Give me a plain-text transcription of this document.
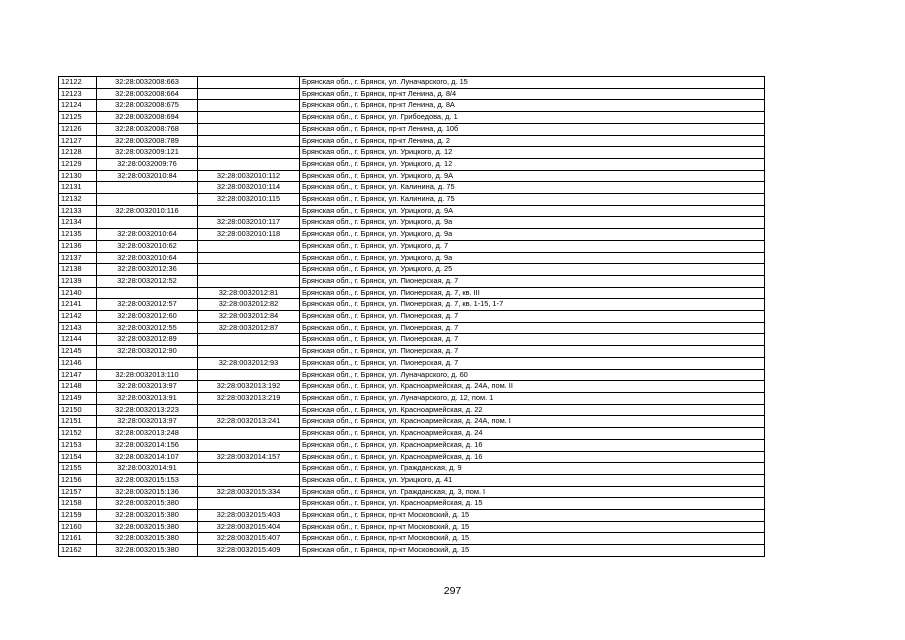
12122	32:28:0032008:663		Брянская обл., г. Брянск, ул. Луначарского, д. 15
12123	32:28:0032008:664		Брянская обл., г. Брянск, пр-кт Ленина, д. 8/4
12124	32:28:0032008:675		Брянская обл., г. Брянск, пр-кт Ленина, д. 8А
12125	32:28:0032008:694		Брянская обл., г. Брянск, ул. Грибоедова, д. 1
12126	32:28:0032008:768		Брянская обл., г. Брянск, пр-кт Ленина, д. 10б
12127	32:28:0032008:789		Брянская обл., г. Брянск, пр-кт Ленина, д. 2
12128	32:28:0032009:121		Брянская обл., г. Брянск, ул. Урицкого, д. 12
12129	32:28:0032009:76		Брянская обл., г. Брянск, ул. Урицкого, д. 12
12130	32:28:0032010:84	32:28:0032010:112	Брянская обл., г. Брянск, ул. Урицкого, д. 9А
12131		32:28:0032010:114	Брянская обл., г. Брянск, ул. Калинина, д. 75
12132		32:28:0032010:115	Брянская обл., г. Брянск, ул. Калинина, д. 75
12133	32:28:0032010:116		Брянская обл., г. Брянск, ул. Урицкого, д. 9А
12134		32:28:0032010:117	Брянская обл., г. Брянск, ул. Урицкого, д. 9а
12135	32:28:0032010:64	32:28:0032010:118	Брянская обл., г. Брянск, ул. Урицкого, д. 9а
12136	32:28:0032010:62		Брянская обл., г. Брянск, ул. Урицкого, д. 7
12137	32:28:0032010:64		Брянская обл., г. Брянск, ул. Урицкого, д. 9а
12138	32:28:0032012:36		Брянская обл., г. Брянск, ул. Урицкого, д. 25
12139	32:28:0032012:52		Брянская обл., г. Брянск, ул. Пионерская, д. 7
12140		32:28:0032012:81	Брянская обл., г. Брянск, ул. Пионерская, д. 7, кв. III
12141	32:28:0032012:57	32:28:0032012:82	Брянская обл., г. Брянск, ул. Пионерская, д. 7, кв. 1-15, 1-7
12142	32:28:0032012:60	32:28:0032012:84	Брянская обл., г. Брянск, ул. Пионерская, д. 7
12143	32:28:0032012:55	32:28:0032012:87	Брянская обл., г. Брянск, ул. Пионерская, д. 7
12144	32:28:0032012:89		Брянская обл., г. Брянск, ул. Пионерская, д. 7
12145	32:28:0032012:90		Брянская обл., г. Брянск, ул. Пионерская, д. 7
12146		32:28:0032012:93	Брянская обл., г. Брянск, ул. Пионерская, д. 7
12147	32:28:0032013:110		Брянская обл., г. Брянск, ул. Луначарского, д. 60
12148	32:28:0032013:97	32:28:0032013:192	Брянская обл., г. Брянск, ул. Красноармейская, д. 24А, пом. II
12149	32:28:0032013:91	32:28:0032013:219	Брянская обл., г. Брянск, ул. Луначарского, д. 12, пом. 1
12150	32:28:0032013:223		Брянская обл., г. Брянск, ул. Красноармейская, д. 22
12151	32:28:0032013:97	32:28:0032013:241	Брянская обл., г. Брянск, ул. Красноармейская, д. 24А, пом. I
12152	32:28:0032013:248		Брянская обл., г. Брянск, ул. Красноармейская, д. 24
12153	32:28:0032014:156		Брянская обл., г. Брянск, ул. Красноармейская, д. 16
12154	32:28:0032014:107	32:28:0032014:157	Брянская обл., г. Брянск, ул. Красноармейская, д. 16
12155	32:28:0032014:91		Брянская обл., г. Брянск, ул. Гражданская, д. 9
12156	32:28:0032015:153		Брянская обл., г. Брянск, ул. Урицкого, д. 41
12157	32:28:0032015:136	32:28:0032015:334	Брянская обл., г. Брянск, ул. Гражданская, д. 3, пом. I
12158	32:28:0032015:380		Брянская обл., г. Брянск, ул. Красноармейская, д. 15
12159	32:28:0032015:380	32:28:0032015:403	Брянская обл., г. Брянск, пр-кт Московский, д. 15
12160	32:28:0032015:380	32:28:0032015:404	Брянская обл., г. Брянск, пр-кт Московский, д. 15
12161	32:28:0032015:380	32:28:0032015:407	Брянская обл., г. Брянск, пр-кт Московский, д. 15
12162	32:28:0032015:380	32:28:0032015:409	Брянская обл., г. Брянск, пр-кт Московский, д. 15
297
